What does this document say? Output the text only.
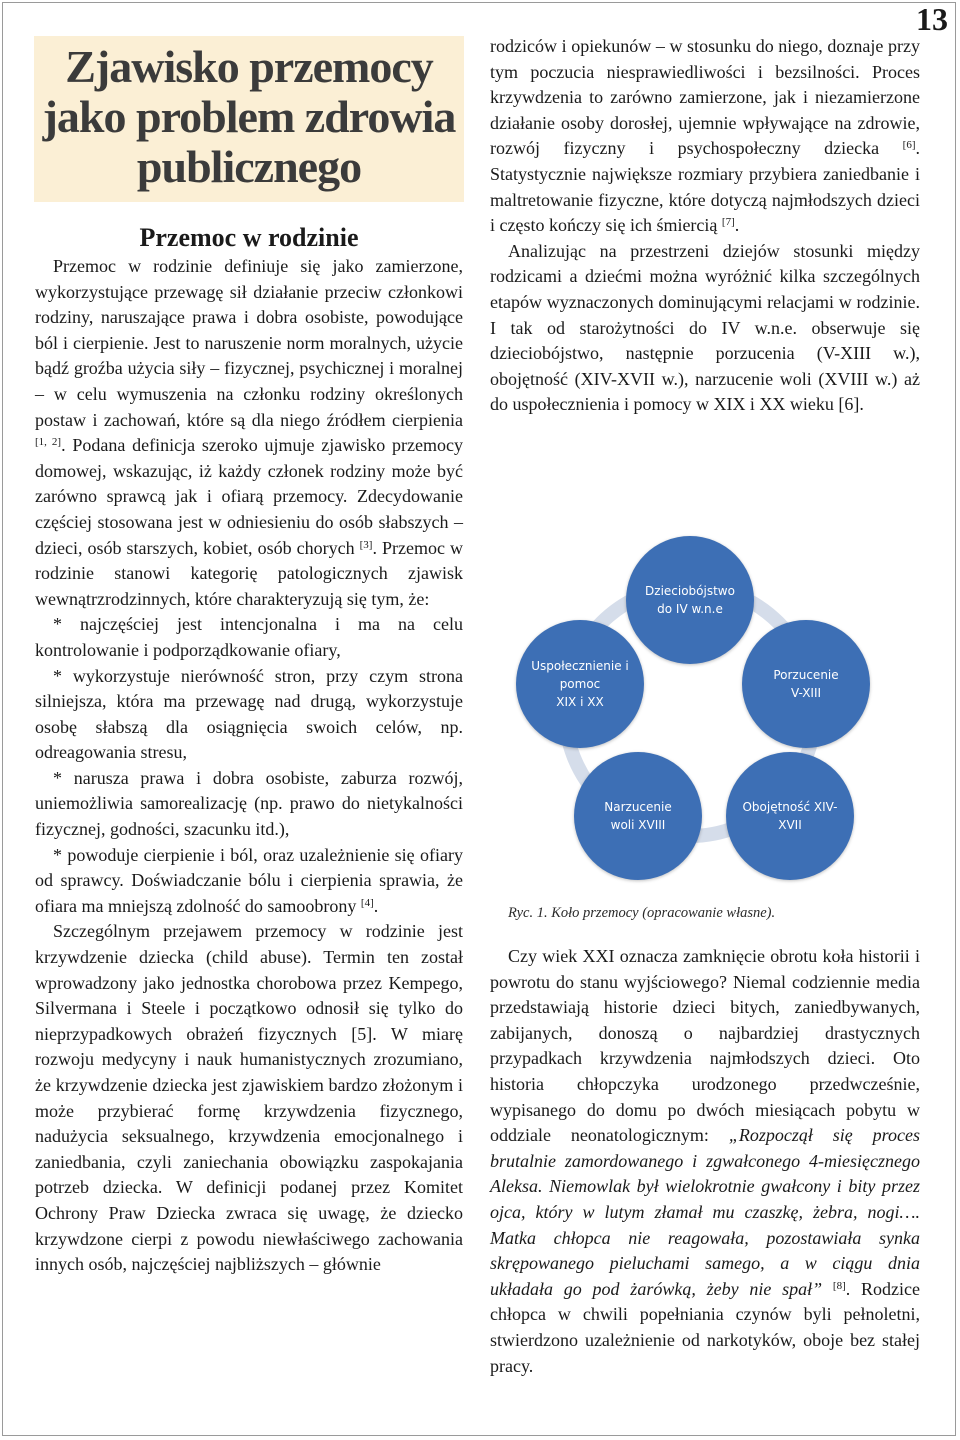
13
Zjawisko przemocy jako problem zdrowia publicznego
Przemoc w rodzinie

Przemoc w rodzinie definiuje się jako zamierzone, wykorzystujące przewagę sił działanie przeciw członkowi rodziny, naruszające prawa i dobra osobiste, powodujące ból i cierpienie. Jest to naruszenie norm moralnych, użycie bądź groźba użycia siły – fizycznej, psychicznej i moralnej – w celu wymuszenia na członku rodziny określonych postaw i zachowań, które są dla niego źródłem cierpienia [1, 2]. Podana definicja szeroko ujmuje zjawisko przemocy domowej, wskazując, iż każdy członek rodziny może być zarówno sprawcą jak i ofiarą przemocy. Zdecydowanie częściej stosowana jest w odniesieniu do osób słabszych – dzieci, osób starszych, kobiet, osób chorych [3]. Przemoc w rodzinie stanowi kategorię patologicznych zjawisk wewnątrzrodzinnych, które charakteryzują się tym, że:

* najczęściej jest intencjonalna i ma na celu kontrolowanie i podporządkowanie ofiary,

* wykorzystuje nierówność stron, przy czym strona silniejsza, która ma przewagę nad drugą, wykorzystuje osobę słabszą dla osiągnięcia swoich celów, np. odreagowania stresu,

* narusza prawa i dobra osobiste, zaburza rozwój, uniemożliwia samorealizację (np. prawo do nietykalności fizycznej, godności, szacunku itd.),

* powoduje cierpienie i ból, oraz uzależnienie się ofiary od sprawcy. Doświadczanie bólu i cierpienia sprawia, że ofiara ma mniejszą zdolność do samoobrony [4].

Szczególnym przejawem przemocy w rodzinie jest krzywdzenie dziecka (child abuse). Termin ten został wprowadzony jako jednostka chorobowa przez Kempego, Silvermana i Steele i początkowo odnosił się tylko do nieprzypadkowych obrażeń fizycznych [5]. W miarę rozwoju medycyny i nauk humanistycznych zrozumiano, że krzywdzenie dziecka jest zjawiskiem bardzo złożonym i może przybierać formę krzywdzenia fizycznego, nadużycia seksualnego, krzywdzenia emocjonalnego i zaniedbania, czyli zaniechania obowiązku zaspokajania potrzeb dziecka. W definicji podanej przez Komitet Ochrony Praw Dziecka zwraca się uwagę, że dziecko krzywdzone cierpi z powodu niewłaściwego zachowania innych osób, najczęściej najbliższych – głównie

rodziców i opiekunów – w stosunku do niego, doznaje przy tym poczucia niesprawiedliwości i bezsilności. Proces krzywdzenia to zarówno zamierzone, jak i niezamierzone działanie osoby dorosłej, ujemnie wpływające na zdrowie, rozwój fizyczny i psychospołeczny dziecka [6]. Statystycznie największe rozmiary przybiera zaniedbanie i maltretowanie fizyczne, które dotyczą najmłodszych dzieci i często kończy się ich śmiercią [7].

Analizując na przestrzeni dziejów stosunki między rodzicami a dziećmi można wyróżnić kilka szczególnych etapów wyznaczonych dominującymi relacjami w rodzinie. I tak od starożytności do IV w.n.e. obserwuje się dzieciobójstwo, następnie porzucenia (V-XIII w.), obojętność (XIV-XVII w.), narzucenie woli (XVIII w.) aż do uspołecznienia i pomocy w XIX i XX wieku [6].

Dzieciobójstwo
do IV w.n.e
Porzucenie
V-XIII
Obojętność XIV-
XVII
Narzucenie
woli XVIII
Uspołecznienie i
pomoc
XIX i XX
Ryc. 1. Koło przemocy (opracowanie własne).

Czy wiek XXI oznacza zamknięcie obrotu koła historii i powrotu do stanu wyjściowego? Niemal codziennie media przedstawiają historie dzieci bitych, zaniedbywanych, zabijanych, donoszą o najbardziej drastycznych przypadkach krzywdzenia najmłodszych dzieci. Oto historia chłopczyka urodzonego przedwcześnie, wypisanego do domu po dwóch miesiącach pobytu w oddziale neonatologicznym: „Rozpoczął się proces brutalnie zamordowanego i zgwałconego 4-miesięcznego Aleksa. Niemowlak był wielokrotnie gwałcony i bity przez ojca, który w lutym złamał mu czaszkę, żebra, nogi…. Matka chłopca nie reagowała, pozostawiała synka skrępowanego pieluchami samego, a w ciągu dnia układała go pod żarówką, żeby nie spał” [8]. Rodzice chłopca w chwili popełniania czynów byli pełnoletni, stwierdzono uzależnienie od narkotyków, oboje bez stałej pracy.
